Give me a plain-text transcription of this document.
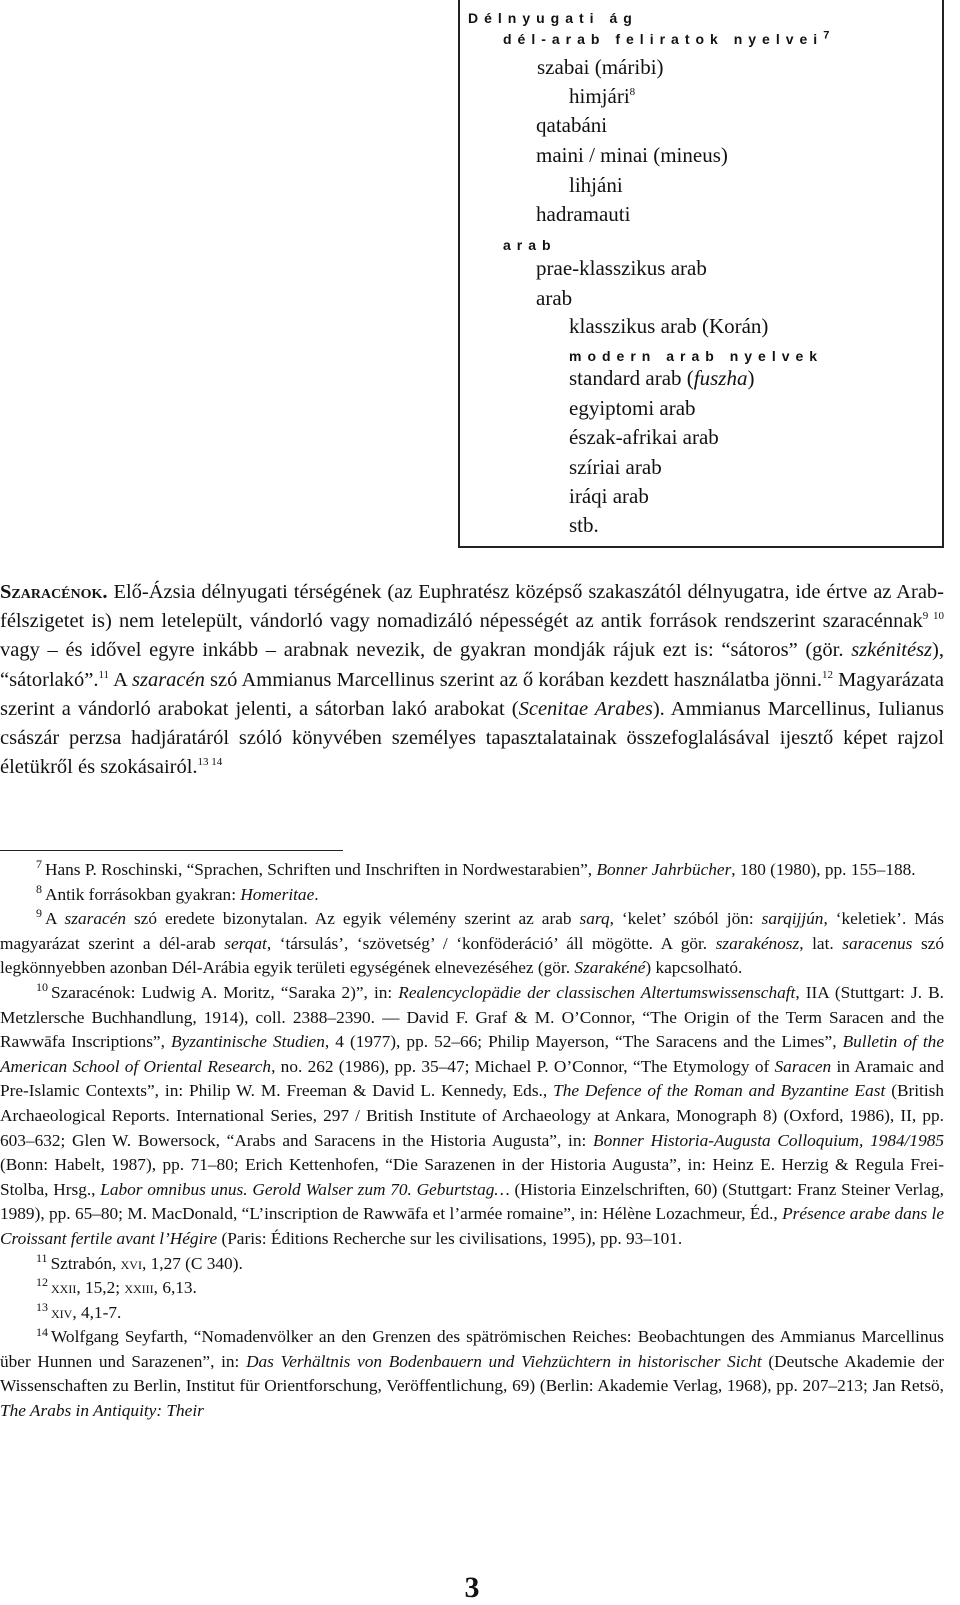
Délnyugati ág
dél-arab feliratok nyelvei$^7$
szabai (máribi)
himjári$^8$
qatabáni
maini / minai (mineus)
lihjáni
hadramauti
arab
prae-klasszikus arab
arab
klasszikus arab (Korán)
modern arab nyelvek
standard arab (fuszha)
egyiptomi arab
észak-afrikai arab
szíriai arab
iráqi arab
stb.
Szaracénok. Elő-Ázsia délnyugati térségének (az Euphratész középső szakaszától délnyugatra, ide értve az Arab-félszigetet is) nem letelepült, vándorló vagy nomadizáló népességét az antik források rendszerint szaracénnak$^{9 10}$ vagy – és idővel egyre inkább – arabnak nevezik, de gyakran mondják rájuk ezt is: “sátoros” (gör. szkénitész), “sátorlakó”.$^{11}$ A szaracén szó Ammianus Marcellinus szerint az ő korában kezdett használatba jönni.$^{12}$ Magyarázata szerint a vándorló arabokat jelenti, a sátorban lakó arabokat (Scenitae Arabes). Ammianus Marcellinus, Iulianus császár perzsa hadjáratáról szóló könyvében személyes tapasztalatainak összefoglalásával ijesztő képet rajzol életükről és szokásairól.$^{13 14}$

$^7$ Hans P. Roschinski, “Sprachen, Schriften und Inschriften in Nordwestarabien”, Bonner Jahrbücher, 180 (1980), pp. 155–188.

$^8$ Antik forrásokban gyakran: Homeritae.

$^9$ A szaracén szó eredete bizonytalan. Az egyik vélemény szerint az arab sarq, ‘kelet’ szóból jön: sarqijjún, ‘keletiek’. Más magyarázat szerint a dél-arab serqat, ‘társulás’, ‘szövetség’ / ‘konföderáció’ áll mögötte. A gör. szarakénosz, lat. saracenus szó legkönnyebben azonban Dél-Arábia egyik területi egységének elnevezéséhez (gör. Szarakéné) kapcsolható.

$^{10}$ Szaracénok: Ludwig A. Moritz, “Saraka 2)”, in: Realencyclopädie der classischen Altertumswissenschaft, IIA (Stuttgart: J. B. Metzlersche Buchhandlung, 1914), coll. 2388–2390. — David F. Graf & M. O’Connor, “The Origin of the Term Saracen and the Rawwāfa Inscriptions”, Byzantinische Studien, 4 (1977), pp. 52–66; Philip Mayerson, “The Saracens and the Limes”, Bulletin of the American School of Oriental Research, no. 262 (1986), pp. 35–47; Michael P. O’Connor, “The Etymology of Saracen in Aramaic and Pre-Islamic Contexts”, in: Philip W. M. Freeman & David L. Kennedy, Eds., The Defence of the Roman and Byzantine East (British Archaeological Reports. International Series, 297 / British Institute of Archaeology at Ankara, Monograph 8) (Oxford, 1986), II, pp. 603–632; Glen W. Bowersock, “Arabs and Saracens in the Historia Augusta”, in: Bonner Historia-Augusta Colloquium, 1984/1985 (Bonn: Habelt, 1987), pp. 71–80; Erich Kettenhofen, “Die Sarazenen in der Historia Augusta”, in: Heinz E. Herzig & Regula Frei-Stolba, Hrsg., Labor omnibus unus. Gerold Walser zum 70. Geburtstag… (Historia Einzelschriften, 60) (Stuttgart: Franz Steiner Verlag, 1989), pp. 65–80; M. MacDonald, “L’inscription de Rawwāfa et l’armée romaine”, in: Hélène Lozachmeur, Éd., Présence arabe dans le Croissant fertile avant l’Hégire (Paris: Éditions Recherche sur les civilisations, 1995), pp. 93–101.

$^{11}$ Sztrabón, xvi, 1,27 (C 340).

$^{12}$ xxii, 15,2; xxiii, 6,13.

$^{13}$ xiv, 4,1-7.

$^{14}$ Wolfgang Seyfarth, “Nomadenvölker an den Grenzen des spätrömischen Reiches: Beobachtungen des Ammianus Marcellinus über Hunnen und Sarazenen”, in: Das Verhältnis von Bodenbauern und Viehzüchtern in historischer Sicht (Deutsche Akademie der Wissenschaften zu Berlin, Institut für Orientforschung, Veröffentlichung, 69) (Berlin: Akademie Verlag, 1968), pp. 207–213; Jan Retsö, The Arabs in Antiquity: Their

3
